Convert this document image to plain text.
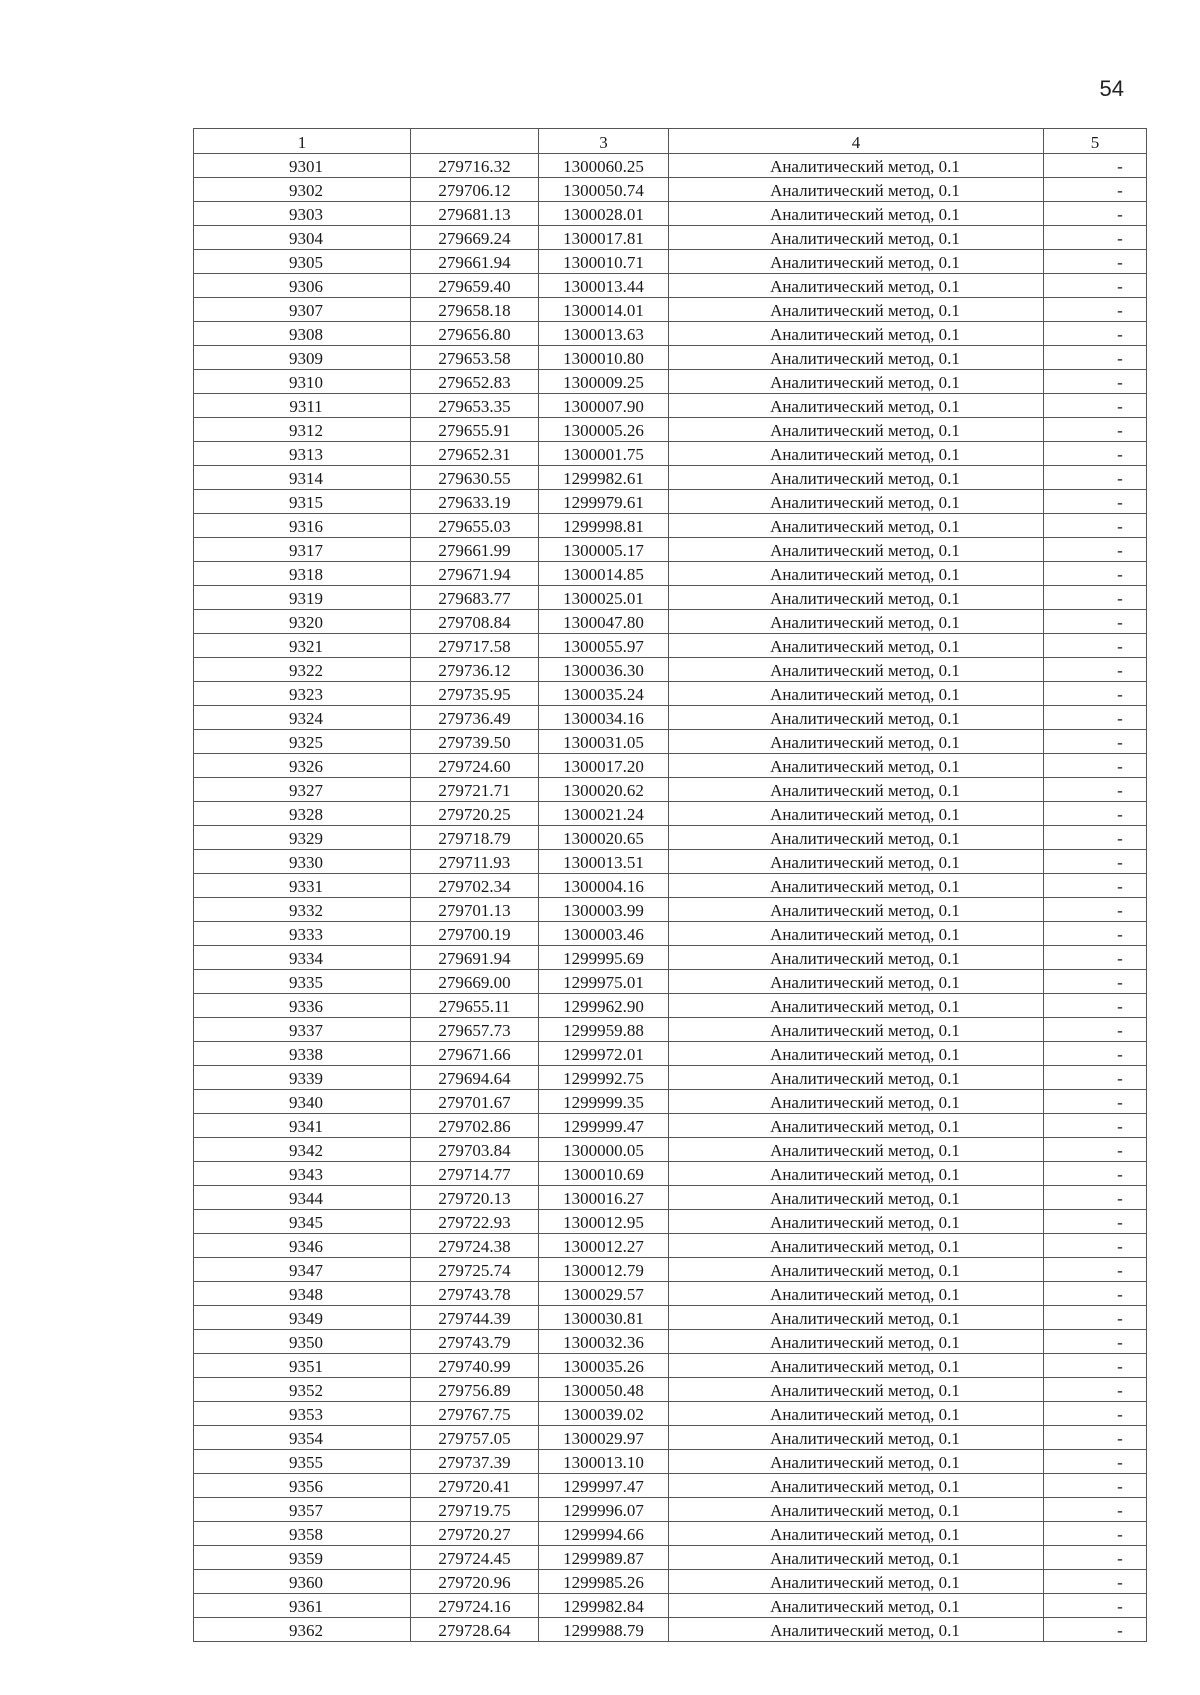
54
1		3	4	5
9301	279716.32	1300060.25	Аналитический метод, 0.1	-
9302	279706.12	1300050.74	Аналитический метод, 0.1	-
9303	279681.13	1300028.01	Аналитический метод, 0.1	-
9304	279669.24	1300017.81	Аналитический метод, 0.1	-
9305	279661.94	1300010.71	Аналитический метод, 0.1	-
9306	279659.40	1300013.44	Аналитический метод, 0.1	-
9307	279658.18	1300014.01	Аналитический метод, 0.1	-
9308	279656.80	1300013.63	Аналитический метод, 0.1	-
9309	279653.58	1300010.80	Аналитический метод, 0.1	-
9310	279652.83	1300009.25	Аналитический метод, 0.1	-
9311	279653.35	1300007.90	Аналитический метод, 0.1	-
9312	279655.91	1300005.26	Аналитический метод, 0.1	-
9313	279652.31	1300001.75	Аналитический метод, 0.1	-
9314	279630.55	1299982.61	Аналитический метод, 0.1	-
9315	279633.19	1299979.61	Аналитический метод, 0.1	-
9316	279655.03	1299998.81	Аналитический метод, 0.1	-
9317	279661.99	1300005.17	Аналитический метод, 0.1	-
9318	279671.94	1300014.85	Аналитический метод, 0.1	-
9319	279683.77	1300025.01	Аналитический метод, 0.1	-
9320	279708.84	1300047.80	Аналитический метод, 0.1	-
9321	279717.58	1300055.97	Аналитический метод, 0.1	-
9322	279736.12	1300036.30	Аналитический метод, 0.1	-
9323	279735.95	1300035.24	Аналитический метод, 0.1	-
9324	279736.49	1300034.16	Аналитический метод, 0.1	-
9325	279739.50	1300031.05	Аналитический метод, 0.1	-
9326	279724.60	1300017.20	Аналитический метод, 0.1	-
9327	279721.71	1300020.62	Аналитический метод, 0.1	-
9328	279720.25	1300021.24	Аналитический метод, 0.1	-
9329	279718.79	1300020.65	Аналитический метод, 0.1	-
9330	279711.93	1300013.51	Аналитический метод, 0.1	-
9331	279702.34	1300004.16	Аналитический метод, 0.1	-
9332	279701.13	1300003.99	Аналитический метод, 0.1	-
9333	279700.19	1300003.46	Аналитический метод, 0.1	-
9334	279691.94	1299995.69	Аналитический метод, 0.1	-
9335	279669.00	1299975.01	Аналитический метод, 0.1	-
9336	279655.11	1299962.90	Аналитический метод, 0.1	-
9337	279657.73	1299959.88	Аналитический метод, 0.1	-
9338	279671.66	1299972.01	Аналитический метод, 0.1	-
9339	279694.64	1299992.75	Аналитический метод, 0.1	-
9340	279701.67	1299999.35	Аналитический метод, 0.1	-
9341	279702.86	1299999.47	Аналитический метод, 0.1	-
9342	279703.84	1300000.05	Аналитический метод, 0.1	-
9343	279714.77	1300010.69	Аналитический метод, 0.1	-
9344	279720.13	1300016.27	Аналитический метод, 0.1	-
9345	279722.93	1300012.95	Аналитический метод, 0.1	-
9346	279724.38	1300012.27	Аналитический метод, 0.1	-
9347	279725.74	1300012.79	Аналитический метод, 0.1	-
9348	279743.78	1300029.57	Аналитический метод, 0.1	-
9349	279744.39	1300030.81	Аналитический метод, 0.1	-
9350	279743.79	1300032.36	Аналитический метод, 0.1	-
9351	279740.99	1300035.26	Аналитический метод, 0.1	-
9352	279756.89	1300050.48	Аналитический метод, 0.1	-
9353	279767.75	1300039.02	Аналитический метод, 0.1	-
9354	279757.05	1300029.97	Аналитический метод, 0.1	-
9355	279737.39	1300013.10	Аналитический метод, 0.1	-
9356	279720.41	1299997.47	Аналитический метод, 0.1	-
9357	279719.75	1299996.07	Аналитический метод, 0.1	-
9358	279720.27	1299994.66	Аналитический метод, 0.1	-
9359	279724.45	1299989.87	Аналитический метод, 0.1	-
9360	279720.96	1299985.26	Аналитический метод, 0.1	-
9361	279724.16	1299982.84	Аналитический метод, 0.1	-
9362	279728.64	1299988.79	Аналитический метод, 0.1	-
